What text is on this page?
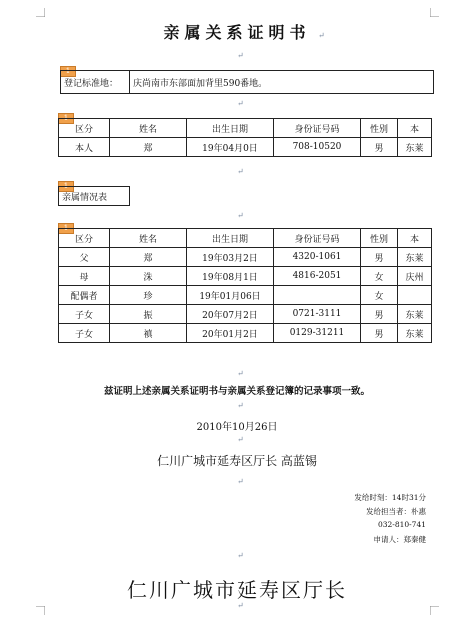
亲属关系证明书 ↵
↵
1
登记标准地：	庆尚南市东部面加背里590番地。
↵
1
区分	姓名	出生日期	身份证号码	性别	本
本人	郑	19年04月0日	708-10520	男	东莱
↵
1
亲属情况表
↵
1
区分	姓名	出生日期	身份证号码	性别	本
父	郑	19年03月2日	4320-1061	男	东莱
母	洙	19年08月1日	4816-2051	女	庆州
配偶者	珍	19年01月06日		女	
子女	振	20年07月2日	0721-3111	男	东莱
子女	禛	20年01月2日	0129-31211	男	东莱
↵
兹证明上述亲属关系证明书与亲属关系登记簿的记录事项一致。
↵
2010年10月26日
↵
仁川广城市延寿区厅长 高蓝锡
↵
发给时刻：14时31分
发给担当者：朴惠
032-810-741
申请人：郑秦健
↵
仁川广城市延寿区厅长
↵
